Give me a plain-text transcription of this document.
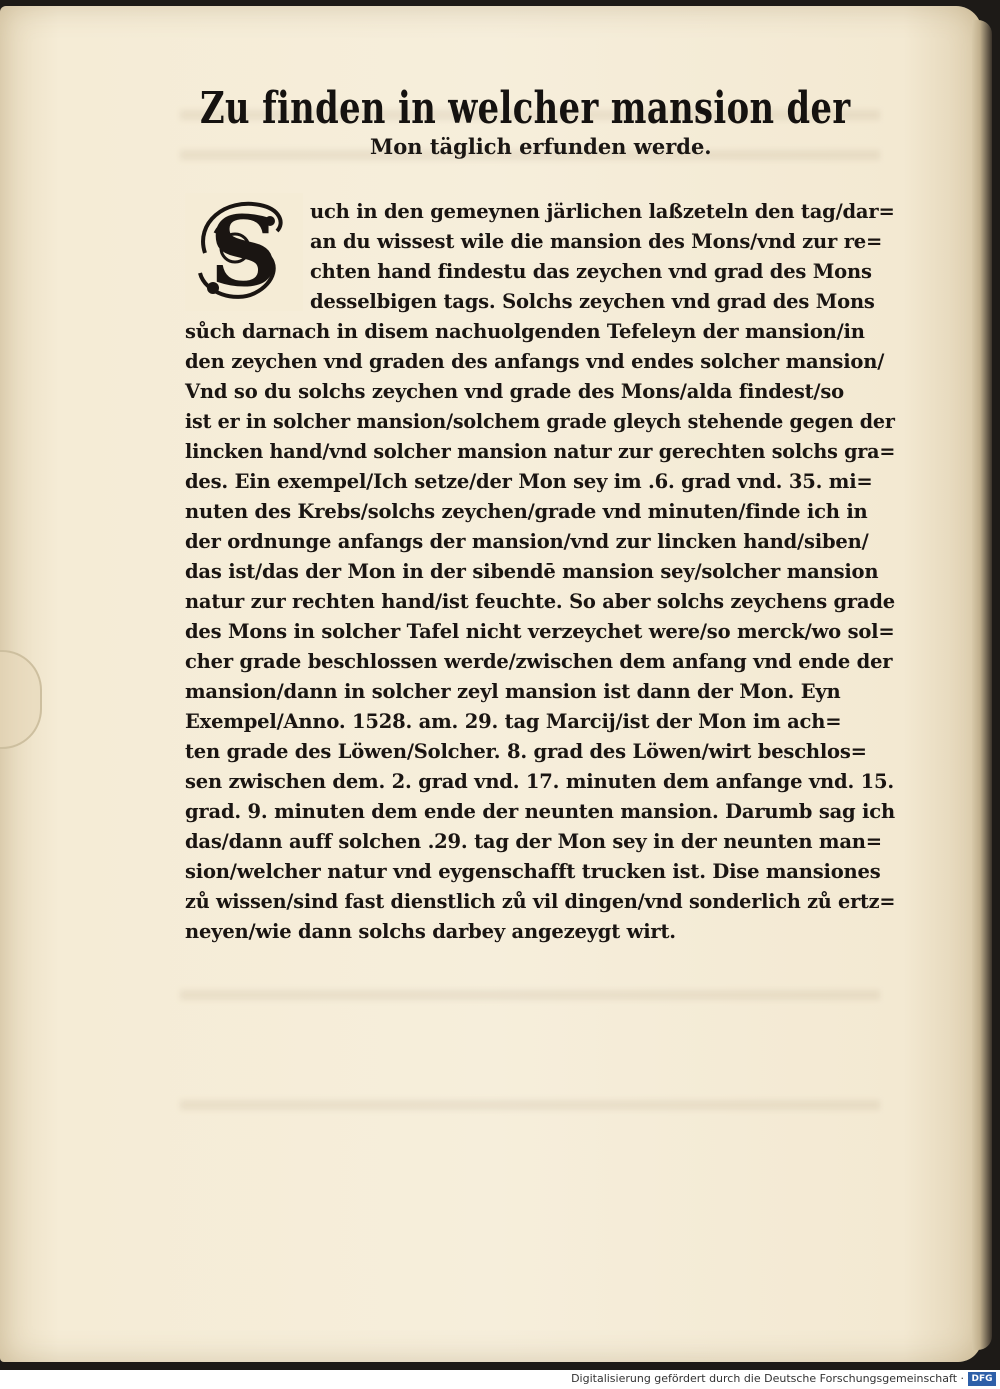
Zu finden in welcher mansion der
Mon täglich erfunden werde.
S uch in den gemeynen järlichen laßzeteln den tag/dar=
an du wissest wile die mansion des Mons/vnd zur re=
chten hand findestu das zeychen vnd grad des Mons
desselbigen tags. Solchs zeychen vnd grad des Mons
sůch darnach in disem nachuolgenden Tefeleyn der mansion/in
den zeychen vnd graden des anfangs vnd endes solcher mansion/
Vnd so du solchs zeychen vnd grade des Mons/alda findest/so
ist er in solcher mansion/solchem grade gleych stehende gegen der
lincken hand/vnd solcher mansion natur zur gerechten solchs gra=
des. Ein exempel/Ich setze/der Mon sey im .6. grad vnd. 35. mi=
nuten des Krebs/solchs zeychen/grade vnd minuten/finde ich in
der ordnunge anfangs der mansion/vnd zur lincken hand/siben/
das ist/das der Mon in der sibendē mansion sey/solcher mansion
natur zur rechten hand/ist feuchte. So aber solchs zeychens grade
des Mons in solcher Tafel nicht verzeychet were/so merck/wo sol=
cher grade beschlossen werde/zwischen dem anfang vnd ende der
mansion/dann in solcher zeyl mansion ist dann der Mon. Eyn
Exempel/Anno. 1528. am. 29. tag Marcij/ist der Mon im ach=
ten grade des Löwen/Solcher. 8. grad des Löwen/wirt beschlos=
sen zwischen dem. 2. grad vnd. 17. minuten dem anfange vnd. 15.
grad. 9. minuten dem ende der neunten mansion. Darumb sag ich
das/dann auff solchen .29. tag der Mon sey in der neunten man=
sion/welcher natur vnd eygenschafft trucken ist. Dise mansiones
zů wissen/sind fast dienstlich zů vil dingen/vnd sonderlich zů ertz=
neyen/wie dann solchs darbey angezeygt wirt.
Digitalisierung gefördert durch die Deutsche Forschungsgemeinschaft · DFG
